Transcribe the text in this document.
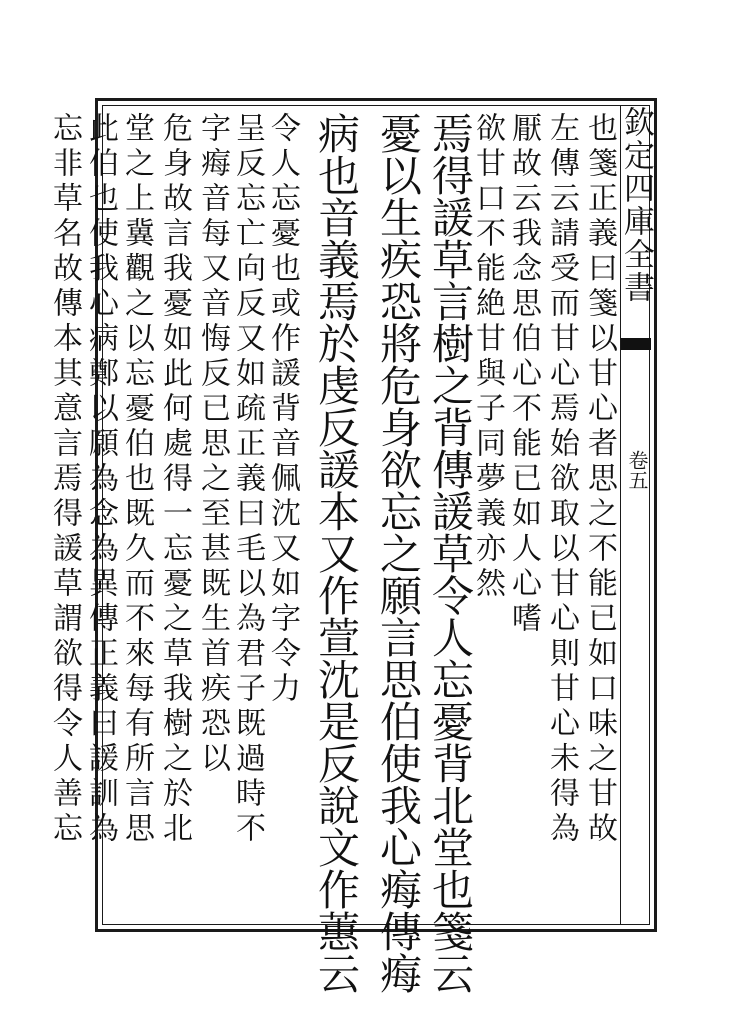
欽定四庫全書
卷五
也箋正義曰箋以甘心者思之不能已如口味之甘故
左傳云請受而甘心焉始欲取以甘心則甘心未得為
厭故云我念思伯心不能已如人心嗜
欲甘口不能絶甘與子同夢義亦然
焉得諼草言樹之背傳諼草令人忘憂背北堂也箋云
憂以生疾恐將危身欲忘之願言思伯使我心痗傳痗
病也音義焉於虔反諼本又作萱沈是反說文作蕙云
令人忘憂也或作諼背音佩沈又如字令力
呈反忘亡向反又如疏正義曰毛以為君子既過時不
字痗音每又音悔反已思之至甚既生首疾恐以
危身故言我憂如此何處得一忘憂之草我樹之於北
堂之上冀觀之以忘憂伯也既久而不來每有所言思
此伯也使我心病鄭以願為念為異傳正義曰諼訓為
忘非草名故傳本其意言焉得諼草謂欲得令人善忘
